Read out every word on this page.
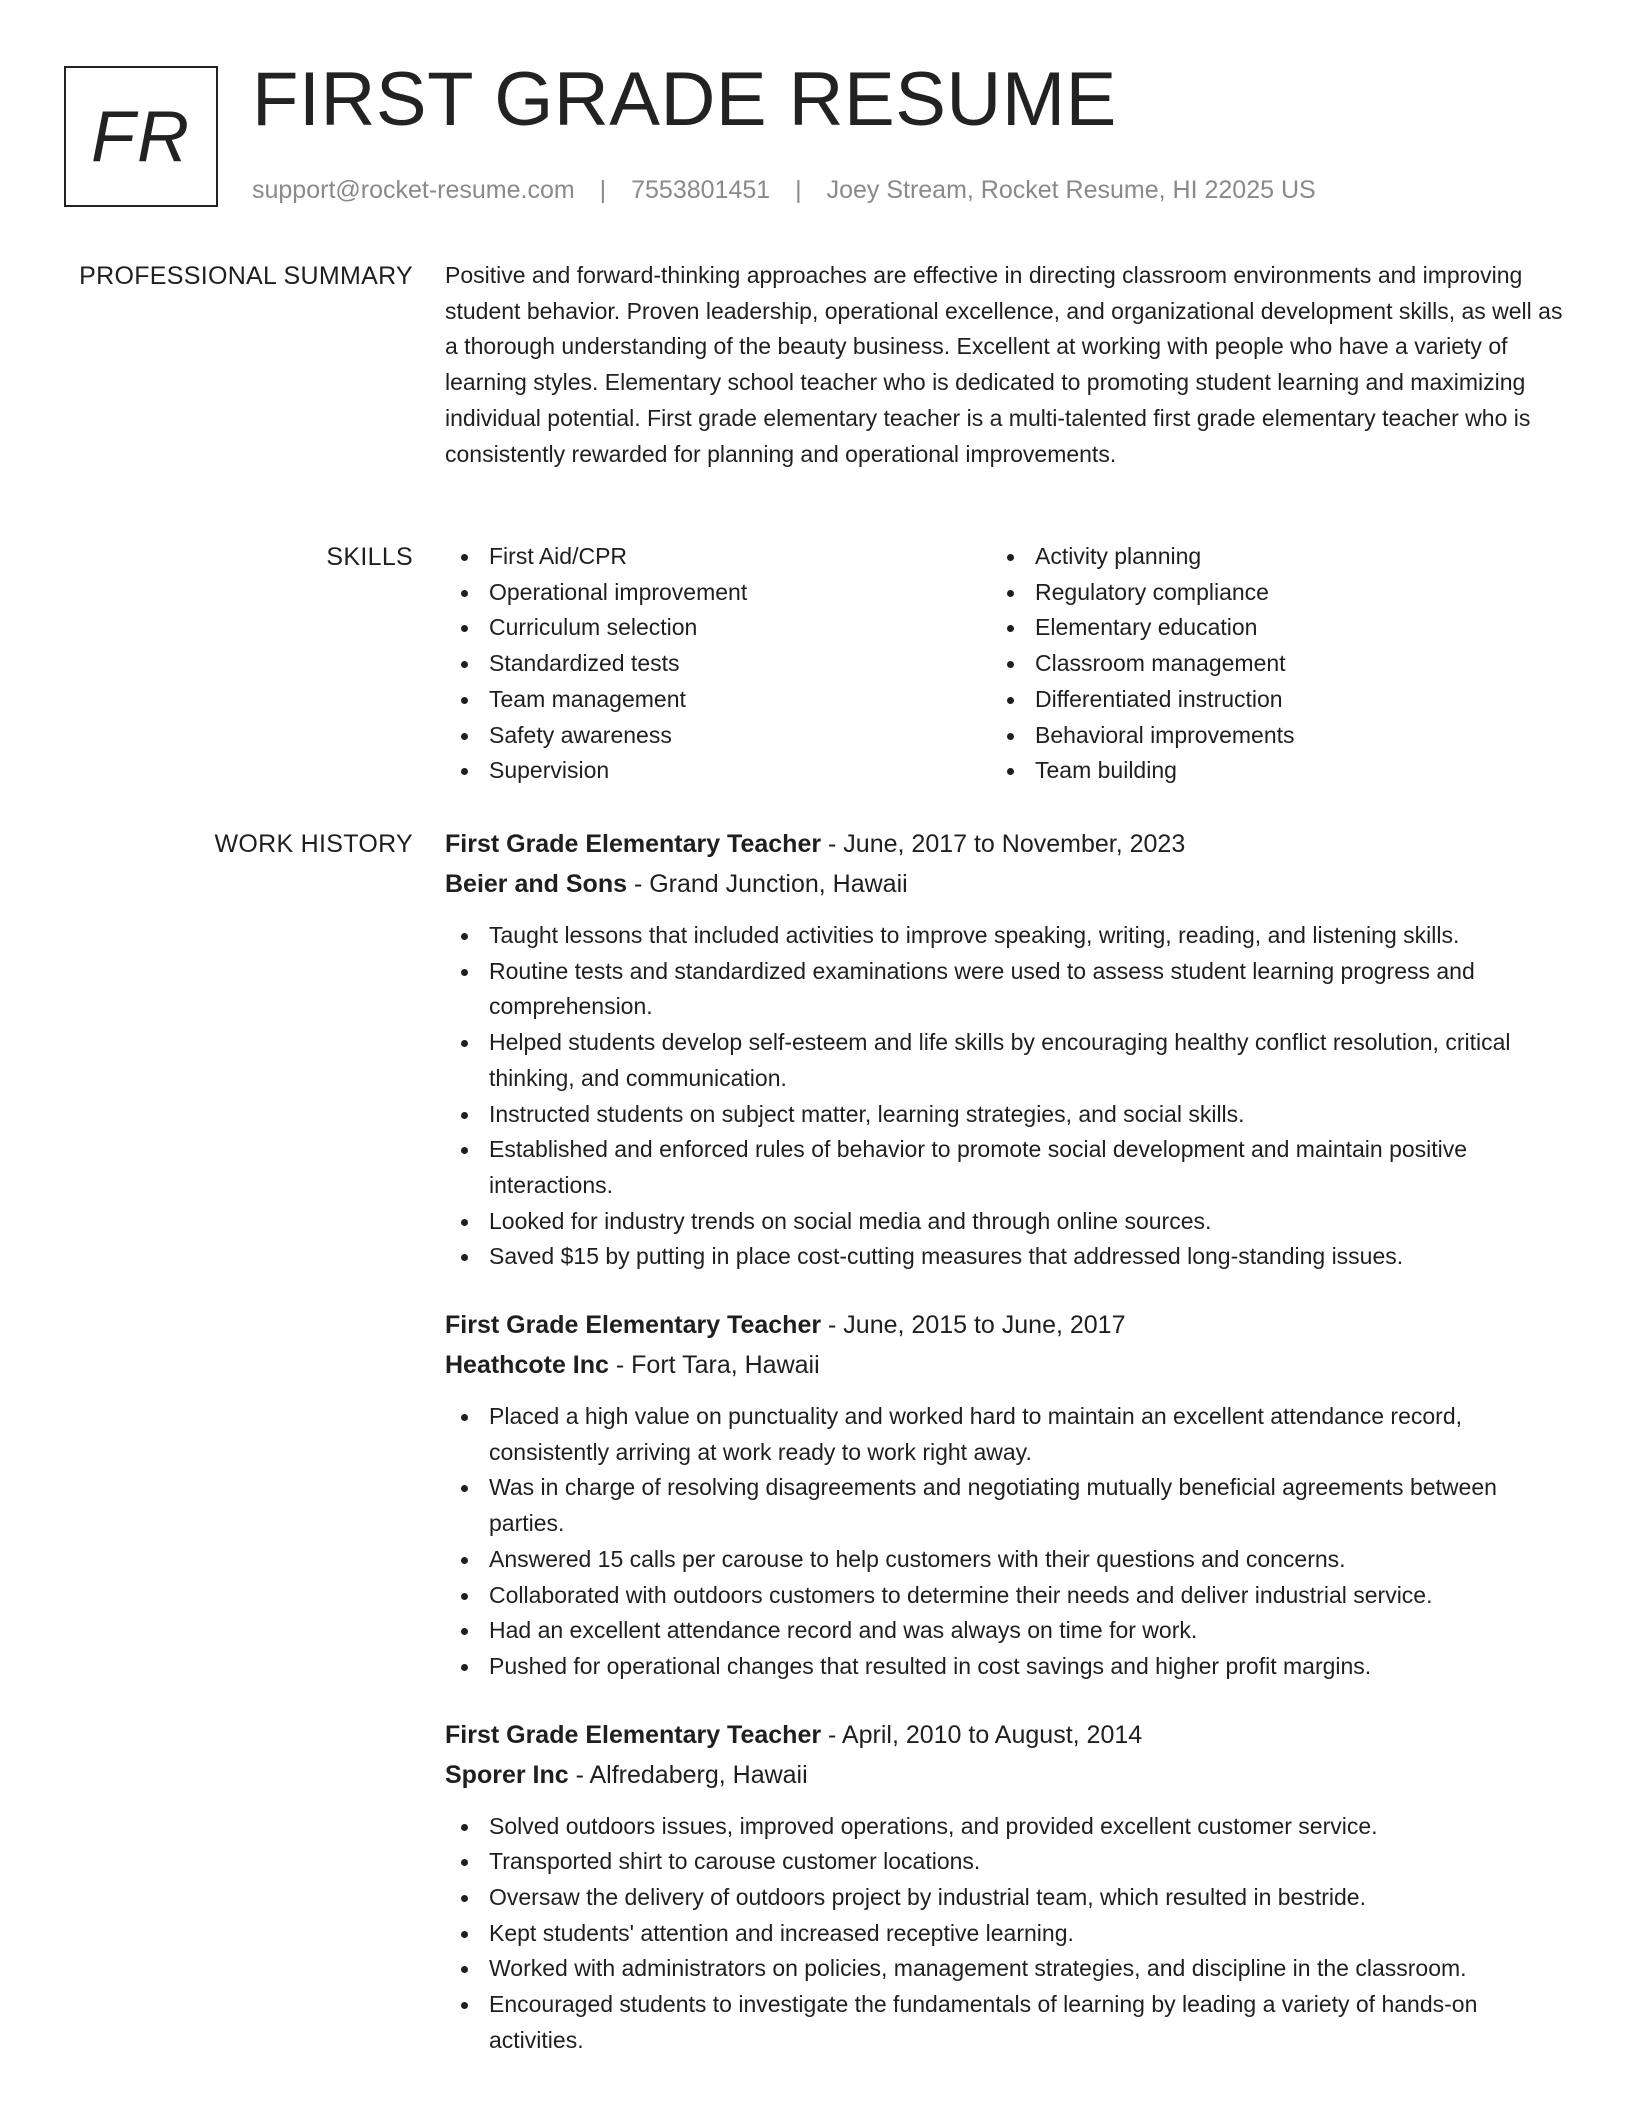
FR FIRST GRADE RESUME
support@rocket-resume.com | 7553801451 | Joey Stream, Rocket Resume, HI 22025 US
PROFESSIONAL SUMMARY Positive and forward-thinking approaches are effective in directing classroom environments and improving student behavior. Proven leadership, operational excellence, and organizational development skills, as well as a thorough understanding of the beauty business. Excellent at working with people who have a variety of learning styles. Elementary school teacher who is dedicated to promoting student learning and maximizing individual potential. First grade elementary teacher is a multi-talented first grade elementary teacher who is consistently rewarded for planning and operational improvements.

SKILLS	First Aid/CPR
Operational improvement
Curriculum selection
Standardized tests
Team management
Safety awareness
Supervision
Activity planning
Regulatory compliance
Elementary education
Classroom management
Differentiated instruction
Behavioral improvements
Team building
WORK HISTORY First Grade Elementary Teacher - June, 2017 to November, 2023
Beier and Sons - Grand Junction, Hawaii
Taught lessons that included activities to improve speaking, writing, reading, and listening skills.
Routine tests and standardized examinations were used to assess student learning progress and comprehension.
Helped students develop self-esteem and life skills by encouraging healthy conflict resolution, critical thinking, and communication.
Instructed students on subject matter, learning strategies, and social skills.
Established and enforced rules of behavior to promote social development and maintain positive interactions.
Looked for industry trends on social media and through online sources.
Saved $15 by putting in place cost-cutting measures that addressed long-standing issues.
First Grade Elementary Teacher - June, 2015 to June, 2017
Heathcote Inc - Fort Tara, Hawaii
Placed a high value on punctuality and worked hard to maintain an excellent attendance record, consistently arriving at work ready to work right away.
Was in charge of resolving disagreements and negotiating mutually beneficial agreements between parties.
Answered 15 calls per carouse to help customers with their questions and concerns.
Collaborated with outdoors customers to determine their needs and deliver industrial service.
Had an excellent attendance record and was always on time for work.
Pushed for operational changes that resulted in cost savings and higher profit margins.
First Grade Elementary Teacher - April, 2010 to August, 2014
Sporer Inc - Alfredaberg, Hawaii
Solved outdoors issues, improved operations, and provided excellent customer service.
Transported shirt to carouse customer locations.
Oversaw the delivery of outdoors project by industrial team, which resulted in bestride.
Kept students' attention and increased receptive learning.
Worked with administrators on policies, management strategies, and discipline in the classroom.
Encouraged students to investigate the fundamentals of learning by leading a variety of hands-on activities.
